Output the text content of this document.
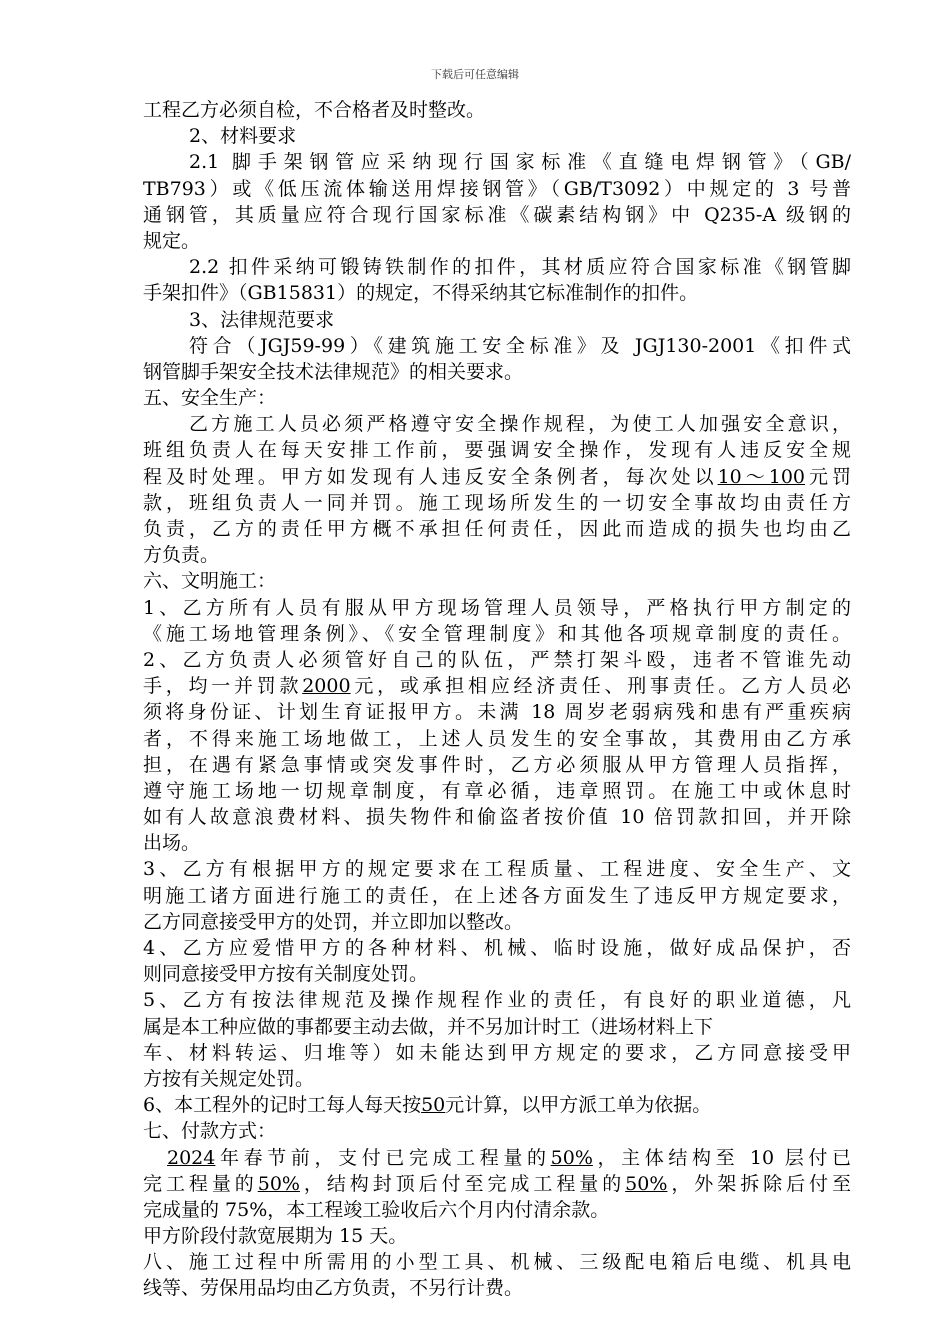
下载后可任意编辑
工程乙方必须自检，不合格者及时整改。
2、材料要求
2.1 脚手架钢管应采纳现行国家标准《直缝电焊钢管》（GB/
TB793）或《低压流体输送用焊接钢管》（GB/T3092）中规定的 3 号普
通钢管，其质量应符合现行国家标准《碳素结构钢》中 Q235-A 级钢的
规定。
2.2 扣件采纳可锻铸铁制作的扣件，其材质应符合国家标准《钢管脚
手架扣件》（GB15831）的规定，不得采纳其它标准制作的扣件。
3、法律规范要求
符合（JGJ59-99）《建筑施工安全标准》及 JGJ130-2001《扣件式
钢管脚手架安全技术法律规范》的相关要求。
五、安全生产：
乙方施工人员必须严格遵守安全操作规程，为使工人加强安全意识，
班组负责人在每天安排工作前，要强调安全操作，发现有人违反安全规
程及时处理。甲方如发现有人违反安全条例者，每次处以10～100元罚
款，班组负责人一同并罚。施工现场所发生的一切安全事故均由责任方
负责，乙方的责任甲方概不承担任何责任，因此而造成的损失也均由乙
方负责。
六、文明施工：
1、乙方所有人员有服从甲方现场管理人员领导，严格执行甲方制定的
《施工场地管理条例》、《安全管理制度》和其他各项规章制度的责任。
2、乙方负责人必须管好自己的队伍，严禁打架斗殴，违者不管谁先动
手，均一并罚款2000元，或承担相应经济责任、刑事责任。乙方人员必
须将身份证、计划生育证报甲方。未满 18 周岁老弱病残和患有严重疾病
者，不得来施工场地做工，上述人员发生的安全事故，其费用由乙方承
担，在遇有紧急事情或突发事件时，乙方必须服从甲方管理人员指挥，
遵守施工场地一切规章制度，有章必循，违章照罚。在施工中或休息时
如有人故意浪费材料、损失物件和偷盗者按价值 10 倍罚款扣回，并开除
出场。
3、乙方有根据甲方的规定要求在工程质量、工程进度、安全生产、文
明施工诸方面进行施工的责任，在上述各方面发生了违反甲方规定要求，
乙方同意接受甲方的处罚，并立即加以整改。
4、乙方应爱惜甲方的各种材料、机械、临时设施，做好成品保护，否
则同意接受甲方按有关制度处罚。
5、乙方有按法律规范及操作规程作业的责任，有良好的职业道德，凡
属是本工种应做的事都要主动去做，并不另加计时工（进场材料上下
车、材料转运、归堆等）如未能达到甲方规定的要求，乙方同意接受甲
方按有关规定处罚。
6、本工程外的记时工每人每天按50元计算，以甲方派工单为依据。
七、付款方式：
2024年春节前，支付已完成工程量的50%，主体结构至 10 层付已
完工程量的50%，结构封顶后付至完成工程量的50%，外架拆除后付至
完成量的 75%，本工程竣工验收后六个月内付清余款。
甲方阶段付款宽展期为 15 天。
八、施工过程中所需用的小型工具、机械、三级配电箱后电缆、机具电
线等、劳保用品均由乙方负责，不另行计费。
